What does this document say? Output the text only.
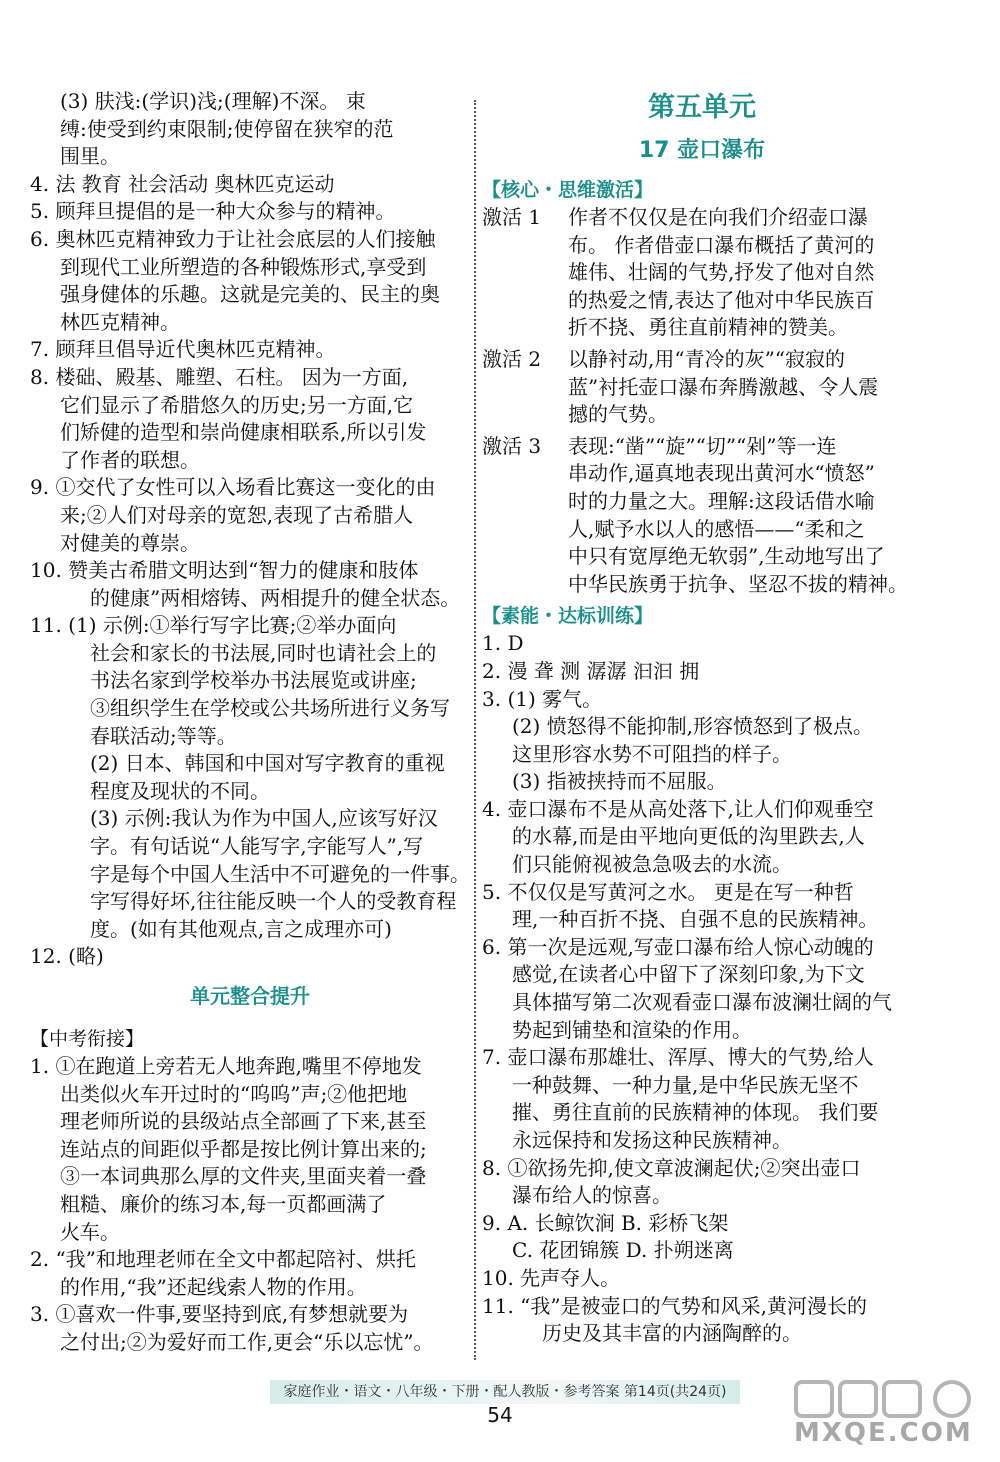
(3) 肤浅:(学识)浅;(理解)不深。 束
缚:使受到约束限制;使停留在狭窄的范
围里。
4. 法 教育 社会活动 奥林匹克运动
5. 顾拜旦提倡的是一种大众参与的精神。
6. 奥林匹克精神致力于让社会底层的人们接触
到现代工业所塑造的各种锻炼形式,享受到
强身健体的乐趣。这就是完美的、民主的奥
林匹克精神。
7. 顾拜旦倡导近代奥林匹克精神。
8. 楼础、殿基、雕塑、石柱。 因为一方面,
它们显示了希腊悠久的历史;另一方面,它
们矫健的造型和崇尚健康相联系,所以引发
了作者的联想。
9. ①交代了女性可以入场看比赛这一变化的由
来;②人们对母亲的宽恕,表现了古希腊人
对健美的尊崇。
10. 赞美古希腊文明达到“智力的健康和肢体
的健康”两相熔铸、两相提升的健全状态。
11. (1) 示例:①举行写字比赛;②举办面向
社会和家长的书法展,同时也请社会上的
书法名家到学校举办书法展览或讲座;
③组织学生在学校或公共场所进行义务写
春联活动;等等。
(2) 日本、韩国和中国对写字教育的重视
程度及现状的不同。
(3) 示例:我认为作为中国人,应该写好汉
字。有句话说“人能写字,字能写人”,写
字是每个中国人生活中不可避免的一件事。
字写得好坏,往往能反映一个人的受教育程
度。(如有其他观点,言之成理亦可)
12. (略)
单元整合提升
【中考衔接】
1. ①在跑道上旁若无人地奔跑,嘴里不停地发
出类似火车开过时的“呜呜”声;②他把地
理老师所说的县级站点全部画了下来,甚至
连站点的间距似乎都是按比例计算出来的;
③一本词典那么厚的文件夹,里面夹着一叠
粗糙、廉价的练习本,每一页都画满了
火车。
2. “我”和地理老师在全文中都起陪衬、烘托
的作用,“我”还起线索人物的作用。
3. ①喜欢一件事,要坚持到底,有梦想就要为
之付出;②为爱好而工作,更会“乐以忘忧”。
第五单元
17 壶口瀑布
【核心・思维激活】
激活 1 作者不仅仅是在向我们介绍壶口瀑
布。 作者借壶口瀑布概括了黄河的
雄伟、壮阔的气势,抒发了他对自然
的热爱之情,表达了他对中华民族百
折不挠、勇往直前精神的赞美。
激活 2 以静衬动,用“青冷的灰”“寂寂的
蓝”衬托壶口瀑布奔腾激越、令人震
撼的气势。
激活 3 表现:“凿”“旋”“切”“剁”等一连
串动作,逼真地表现出黄河水“愤怒”
时的力量之大。理解:这段话借水喻
人,赋予水以人的感悟——“柔和之
中只有宽厚绝无软弱”,生动地写出了
中华民族勇于抗争、坚忍不拔的精神。
【素能・达标训练】
1. D
2. 漫 聋 测 潺潺 汩汩 拥
3. (1) 雾气。
(2) 愤怒得不能抑制,形容愤怒到了极点。
这里形容水势不可阻挡的样子。
(3) 指被挟持而不屈服。
4. 壶口瀑布不是从高处落下,让人们仰观垂空
的水幕,而是由平地向更低的沟里跌去,人
们只能俯视被急急吸去的水流。
5. 不仅仅是写黄河之水。 更是在写一种哲
理,一种百折不挠、自强不息的民族精神。
6. 第一次是远观,写壶口瀑布给人惊心动魄的
感觉,在读者心中留下了深刻印象,为下文
具体描写第二次观看壶口瀑布波澜壮阔的气
势起到铺垫和渲染的作用。
7. 壶口瀑布那雄壮、浑厚、博大的气势,给人
一种鼓舞、一种力量,是中华民族无坚不
摧、勇往直前的民族精神的体现。 我们要
永远保持和发扬这种民族精神。
8. ①欲扬先抑,使文章波澜起伏;②突出壶口
瀑布给人的惊喜。
9. A. 长鲸饮涧 B. 彩桥飞架
C. 花团锦簇 D. 扑朔迷离
10. 先声夺人。
11. “我”是被壶口的气势和风采,黄河漫长的
历史及其丰富的内涵陶醉的。
家庭作业・语文・八年级・下册・配人教版・参考答案 第14页(共24页)
54
MXQE.COM
